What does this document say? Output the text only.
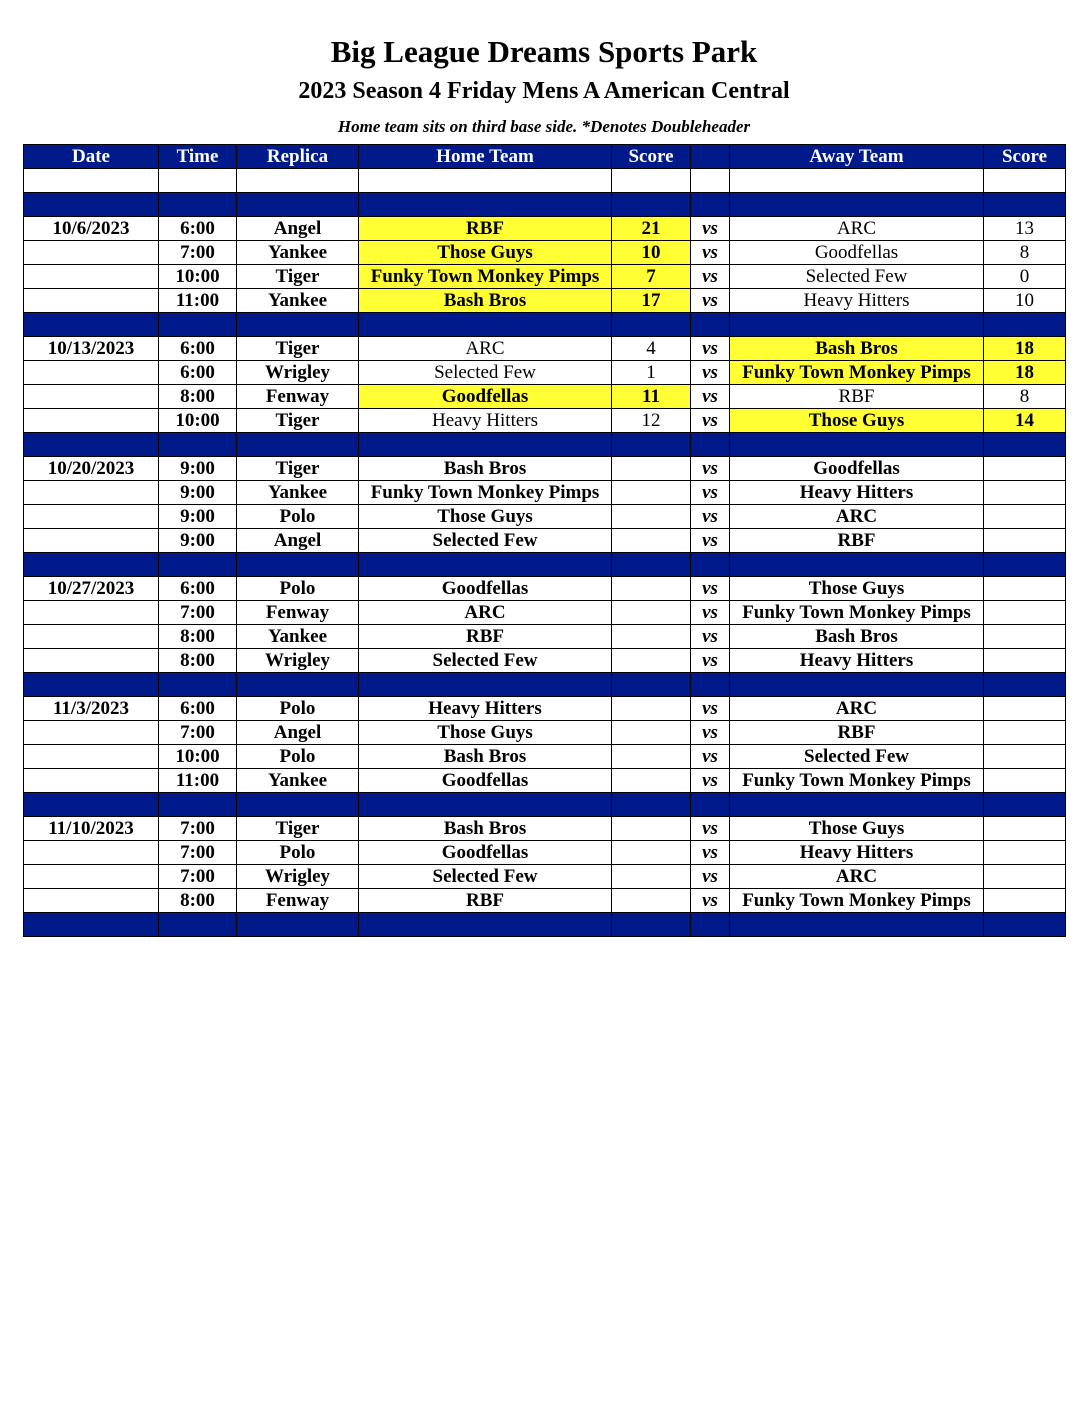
Big League Dreams Sports Park
2023 Season 4 Friday Mens A American Central
Home team sits on third base side. *Denotes Doubleheader
Date	Time	Replica	Home Team	Score		Away Team	Score

10/6/2023	6:00	Angel	RBF	21	vs	ARC	13
	7:00	Yankee	Those Guys	10	vs	Goodfellas	8
	10:00	Tiger	Funky Town Monkey Pimps	7	vs	Selected Few	0
	11:00	Yankee	Bash Bros	17	vs	Heavy Hitters	10

10/13/2023	6:00	Tiger	ARC	4	vs	Bash Bros	18
	6:00	Wrigley	Selected Few	1	vs	Funky Town Monkey Pimps	18
	8:00	Fenway	Goodfellas	11	vs	RBF	8
	10:00	Tiger	Heavy Hitters	12	vs	Those Guys	14

10/20/2023	9:00	Tiger	Bash Bros		vs	Goodfellas	
	9:00	Yankee	Funky Town Monkey Pimps		vs	Heavy Hitters	
	9:00	Polo	Those Guys		vs	ARC	
	9:00	Angel	Selected Few		vs	RBF	

10/27/2023	6:00	Polo	Goodfellas		vs	Those Guys	
	7:00	Fenway	ARC		vs	Funky Town Monkey Pimps	
	8:00	Yankee	RBF		vs	Bash Bros	
	8:00	Wrigley	Selected Few		vs	Heavy Hitters	

11/3/2023	6:00	Polo	Heavy Hitters		vs	ARC	
	7:00	Angel	Those Guys		vs	RBF	
	10:00	Polo	Bash Bros		vs	Selected Few	
	11:00	Yankee	Goodfellas		vs	Funky Town Monkey Pimps	

11/10/2023	7:00	Tiger	Bash Bros		vs	Those Guys	
	7:00	Polo	Goodfellas		vs	Heavy Hitters	
	7:00	Wrigley	Selected Few		vs	ARC	
	8:00	Fenway	RBF		vs	Funky Town Monkey Pimps	
